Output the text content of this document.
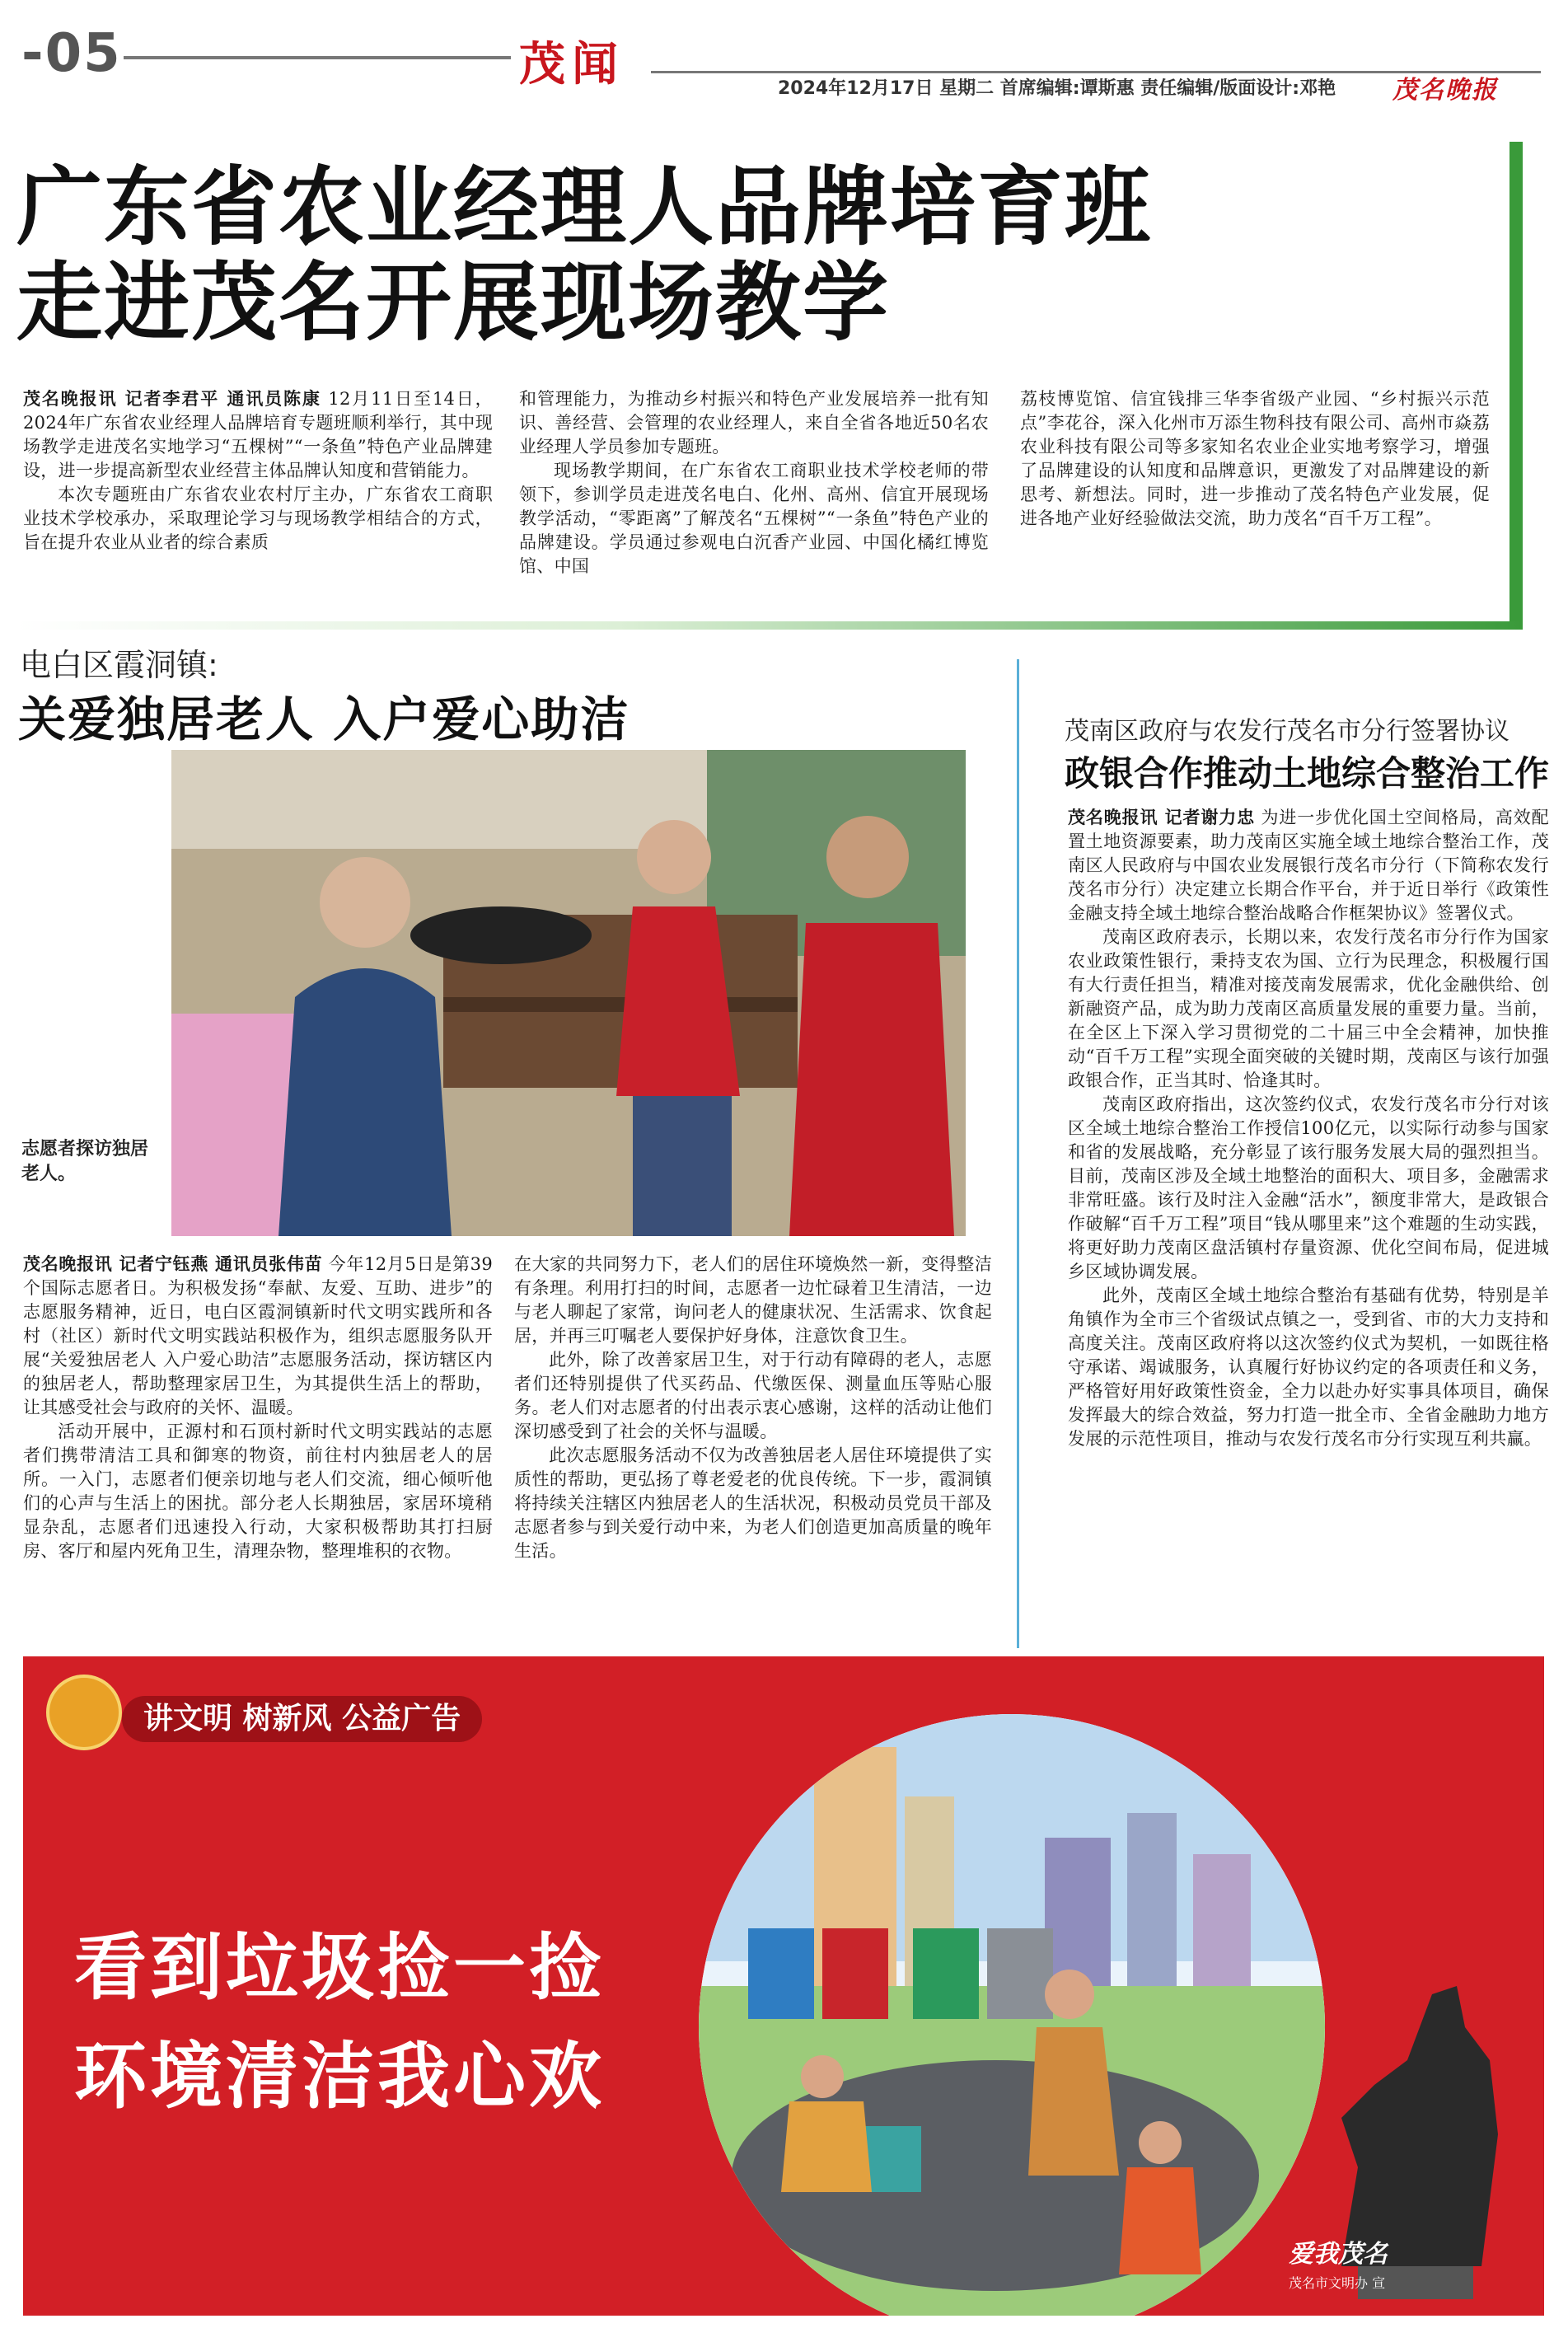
-05	茂闻	2024年12月17日 星期二 首席编辑:谭斯惠 责任编辑/版面设计:邓艳 茂名晚报
广东省农业经理人品牌培育班
走进茂名开展现场教学

茂名晚报讯 记者李君平 通讯员陈康 12月11日至14日，2024年广东省农业经理人品牌培育专题班顺利举行，其中现场教学走进茂名实地学习“五棵树”“一条鱼”特色产业品牌建设，进一步提高新型农业经营主体品牌认知度和营销能力。

本次专题班由广东省农业农村厅主办，广东省农工商职业技术学校承办，采取理论学习与现场教学相结合的方式，旨在提升农业从业者的综合素质

和管理能力，为推动乡村振兴和特色产业发展培养一批有知识、善经营、会管理的农业经理人，来自全省各地近50名农业经理人学员参加专题班。

现场教学期间，在广东省农工商职业技术学校老师的带领下，参训学员走进茂名电白、化州、高州、信宜开展现场教学活动，“零距离”了解茂名“五棵树”“一条鱼”特色产业的品牌建设。学员通过参观电白沉香产业园、中国化橘红博览馆、中国

荔枝博览馆、信宜钱排三华李省级产业园、“乡村振兴示范点”李花谷，深入化州市万添生物科技有限公司、高州市焱荔农业科技有限公司等多家知名农业企业实地考察学习，增强了品牌建设的认知度和品牌意识，更激发了对品牌建设的新思考、新想法。同时，进一步推动了茂名特色产业发展，促进各地产业好经验做法交流，助力茂名“百千万工程”。

电白区霞洞镇:
关爱独居老人 入户爱心助洁
志愿者探访独居老人。

茂名晚报讯 记者宁钰燕 通讯员张伟苗 今年12月5日是第39个国际志愿者日。为积极发扬“奉献、友爱、互助、进步”的志愿服务精神，近日，电白区霞洞镇新时代文明实践所和各村（社区）新时代文明实践站积极作为，组织志愿服务队开展“关爱独居老人 入户爱心助洁”志愿服务活动，探访辖区内的独居老人，帮助整理家居卫生，为其提供生活上的帮助，让其感受社会与政府的关怀、温暖。

活动开展中，正源村和石顶村新时代文明实践站的志愿者们携带清洁工具和御寒的物资，前往村内独居老人的居所。一入门，志愿者们便亲切地与老人们交流，细心倾听他们的心声与生活上的困扰。部分老人长期独居，家居环境稍显杂乱，志愿者们迅速投入行动，大家积极帮助其打扫厨房、客厅和屋内死角卫生，清理杂物，整理堆积的衣物。

在大家的共同努力下，老人们的居住环境焕然一新，变得整洁有条理。利用打扫的时间，志愿者一边忙碌着卫生清洁，一边与老人聊起了家常，询问老人的健康状况、生活需求、饮食起居，并再三叮嘱老人要保护好身体，注意饮食卫生。

此外，除了改善家居卫生，对于行动有障碍的老人，志愿者们还特别提供了代买药品、代缴医保、测量血压等贴心服务。老人们对志愿者的付出表示衷心感谢，这样的活动让他们深切感受到了社会的关怀与温暖。

此次志愿服务活动不仅为改善独居老人居住环境提供了实质性的帮助，更弘扬了尊老爱老的优良传统。下一步，霞洞镇将持续关注辖区内独居老人的生活状况，积极动员党员干部及志愿者参与到关爱行动中来，为老人们创造更加高质量的晚年生活。

茂南区政府与农发行茂名市分行签署协议
政银合作推动土地综合整治工作

茂名晚报讯 记者谢力忠 为进一步优化国土空间格局，高效配置土地资源要素，助力茂南区实施全域土地综合整治工作，茂南区人民政府与中国农业发展银行茂名市分行（下简称农发行茂名市分行）决定建立长期合作平台，并于近日举行《政策性金融支持全域土地综合整治战略合作框架协议》签署仪式。

茂南区政府表示，长期以来，农发行茂名市分行作为国家农业政策性银行，秉持支农为国、立行为民理念，积极履行国有大行责任担当，精准对接茂南发展需求，优化金融供给、创新融资产品，成为助力茂南区高质量发展的重要力量。当前，在全区上下深入学习贯彻党的二十届三中全会精神，加快推动“百千万工程”实现全面突破的关键时期，茂南区与该行加强政银合作，正当其时、恰逢其时。

茂南区政府指出，这次签约仪式，农发行茂名市分行对该区全域土地综合整治工作授信100亿元，以实际行动参与国家和省的发展战略，充分彰显了该行服务发展大局的强烈担当。目前，茂南区涉及全域土地整治的面积大、项目多，金融需求非常旺盛。该行及时注入金融“活水”，额度非常大，是政银合作破解“百千万工程”项目“钱从哪里来”这个难题的生动实践，将更好助力茂南区盘活镇村存量资源、优化空间布局，促进城乡区域协调发展。

此外，茂南区全域土地综合整治有基础有优势，特别是羊角镇作为全市三个省级试点镇之一，受到省、市的大力支持和高度关注。茂南区政府将以这次签约仪式为契机，一如既往格守承诺、竭诚服务，认真履行好协议约定的各项责任和义务，严格管好用好政策性资金，全力以赴办好实事具体项目，确保发挥最大的综合效益，努力打造一批全市、全省金融助力地方发展的示范性项目，推动与农发行茂名市分行实现互利共赢。

讲文明 树新风 公益广告
看到垃圾捡一捡
环境清洁我心欢
爱我茂名
茂名市文明办 宣
